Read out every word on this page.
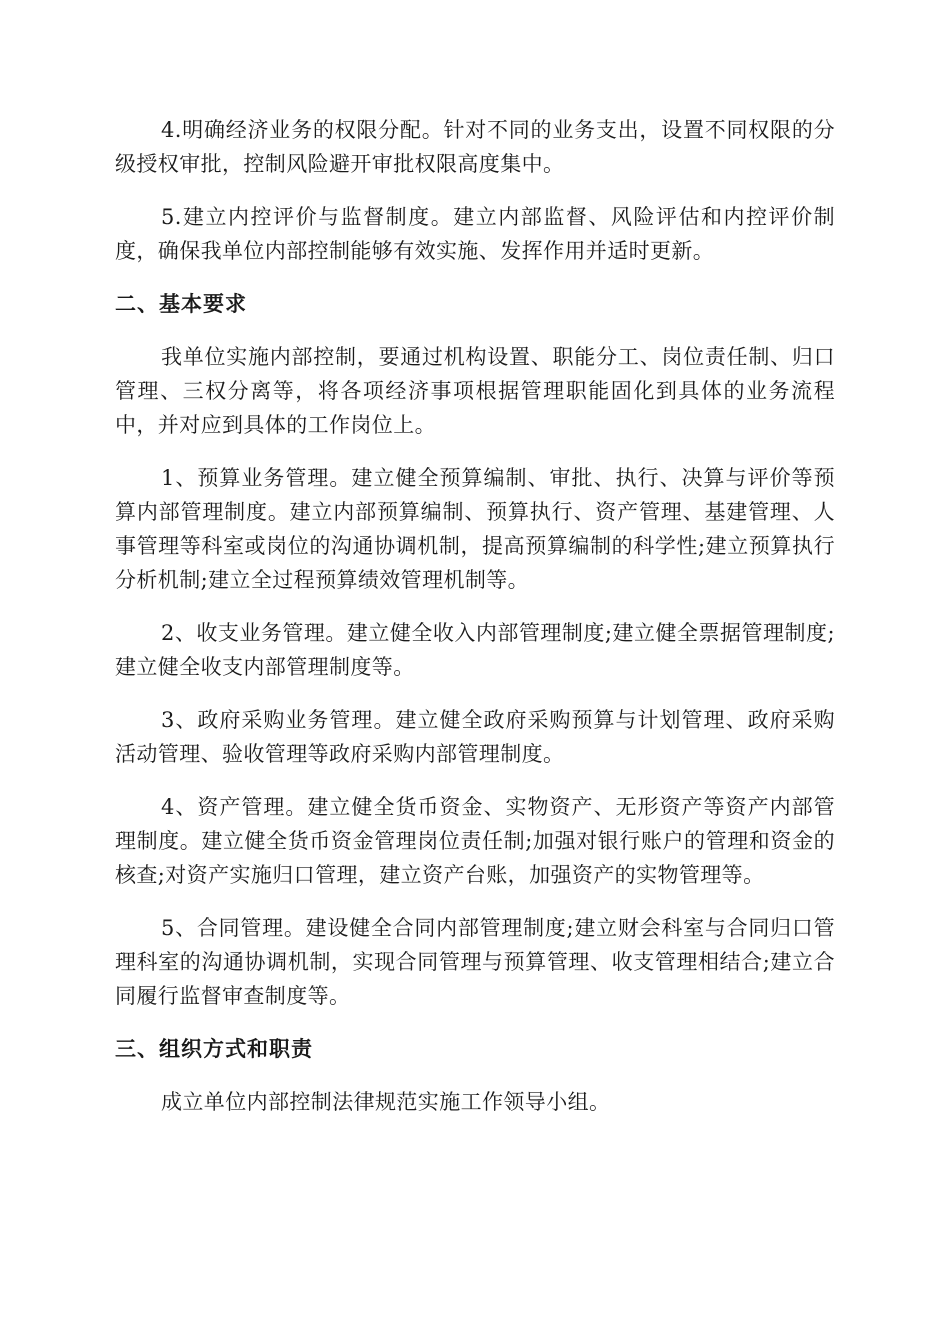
4.明确经济业务的权限分配。针对不同的业务支出，设置不同权限的分级授权审批，控制风险避开审批权限高度集中。

5.建立内控评价与监督制度。建立内部监督、风险评估和内控评价制度，确保我单位内部控制能够有效实施、发挥作用并适时更新。

二、基本要求

我单位实施内部控制，要通过机构设置、职能分工、岗位责任制、归口管理、三权分离等，将各项经济事项根据管理职能固化到具体的业务流程中，并对应到具体的工作岗位上。

1、预算业务管理。建立健全预算编制、审批、执行、决算与评价等预算内部管理制度。建立内部预算编制、预算执行、资产管理、基建管理、人事管理等科室或岗位的沟通协调机制，提高预算编制的科学性;建立预算执行分析机制;建立全过程预算绩效管理机制等。

2、收支业务管理。建立健全收入内部管理制度;建立健全票据管理制度;建立健全收支内部管理制度等。

3、政府采购业务管理。建立健全政府采购预算与计划管理、政府采购活动管理、验收管理等政府采购内部管理制度。

4、资产管理。建立健全货币资金、实物资产、无形资产等资产内部管理制度。建立健全货币资金管理岗位责任制;加强对银行账户的管理和资金的核查;对资产实施归口管理，建立资产台账，加强资产的实物管理等。

5、合同管理。建设健全合同内部管理制度;建立财会科室与合同归口管理科室的沟通协调机制，实现合同管理与预算管理、收支管理相结合;建立合同履行监督审查制度等。

三、组织方式和职责

成立单位内部控制法律规范实施工作领导小组。
